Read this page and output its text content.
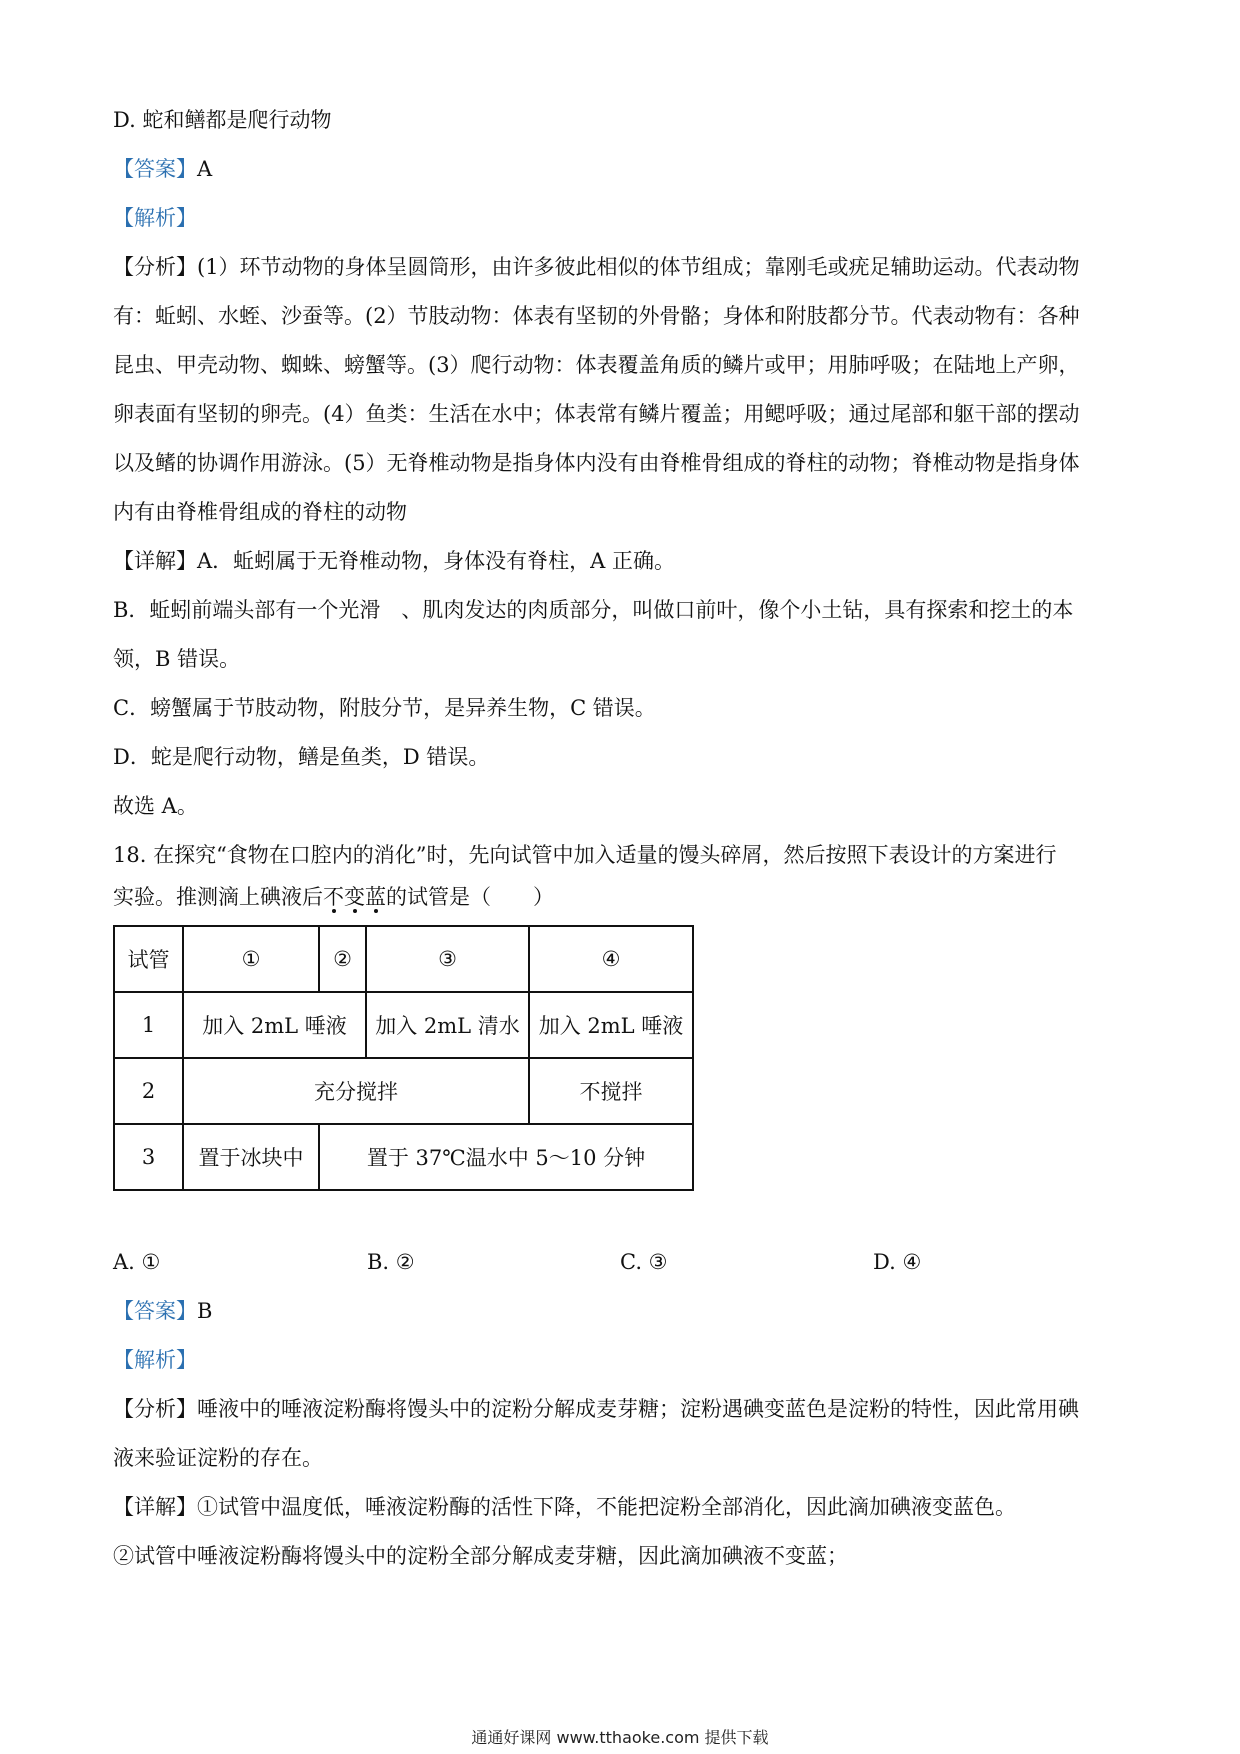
D. 蛇和鳝都是爬行动物
【答案】A
【解析】
【分析】(1）环节动物的身体呈圆筒形，由许多彼此相似的体节组成；靠刚毛或疣足辅助运动。代表动物
有：蚯蚓、水蛭、沙蚕等。(2）节肢动物：体表有坚韧的外骨骼；身体和附肢都分节。代表动物有：各种
昆虫、甲壳动物、蜘蛛、螃蟹等。(3）爬行动物：体表覆盖角质的鳞片或甲；用肺呼吸；在陆地上产卵，
卵表面有坚韧的卵壳。(4）鱼类：生活在水中；体表常有鳞片覆盖；用鳃呼吸；通过尾部和躯干部的摆动
以及鳍的协调作用游泳。(5）无脊椎动物是指身体内没有由脊椎骨组成的脊柱的动物；脊椎动物是指身体
内有由脊椎骨组成的脊柱的动物
【详解】A．蚯蚓属于无脊椎动物，身体没有脊柱，A 正确。
B．蚯蚓前端头部有一个光滑　、肌肉发达的肉质部分，叫做口前叶，像个小土钻，具有探索和挖土的本
领，B 错误。
C．螃蟹属于节肢动物，附肢分节，是异养生物，C 错误。
D．蛇是爬行动物，鳝是鱼类，D 错误。
故选 A。
18. 在探究“食物在口腔内的消化”时，先向试管中加入适量的馒头碎屑，然后按照下表设计的方案进行
实验。推测滴上碘液后不
变
蓝
的试管是（　　）
试管	①	②	③	④
1	加入 2mL 唾液		加入 2mL 清水	加入 2mL 唾液
2	充分搅拌			不搅拌
3	置于冰块中	置于 37℃温水中 5～10 分钟		
A. ①	B. ②	C. ③	D. ④
【答案】B
【解析】
【分析】唾液中的唾液淀粉酶将馒头中的淀粉分解成麦芽糖；淀粉遇碘变蓝色是淀粉的特性，因此常用碘
液来验证淀粉的存在。
【详解】①试管中温度低，唾液淀粉酶的活性下降，不能把淀粉全部消化，因此滴加碘液变蓝色。
②试管中唾液淀粉酶将馒头中的淀粉全部分解成麦芽糖，因此滴加碘液不变蓝；
通通好课网 www.tthaoke.com 提供下载
